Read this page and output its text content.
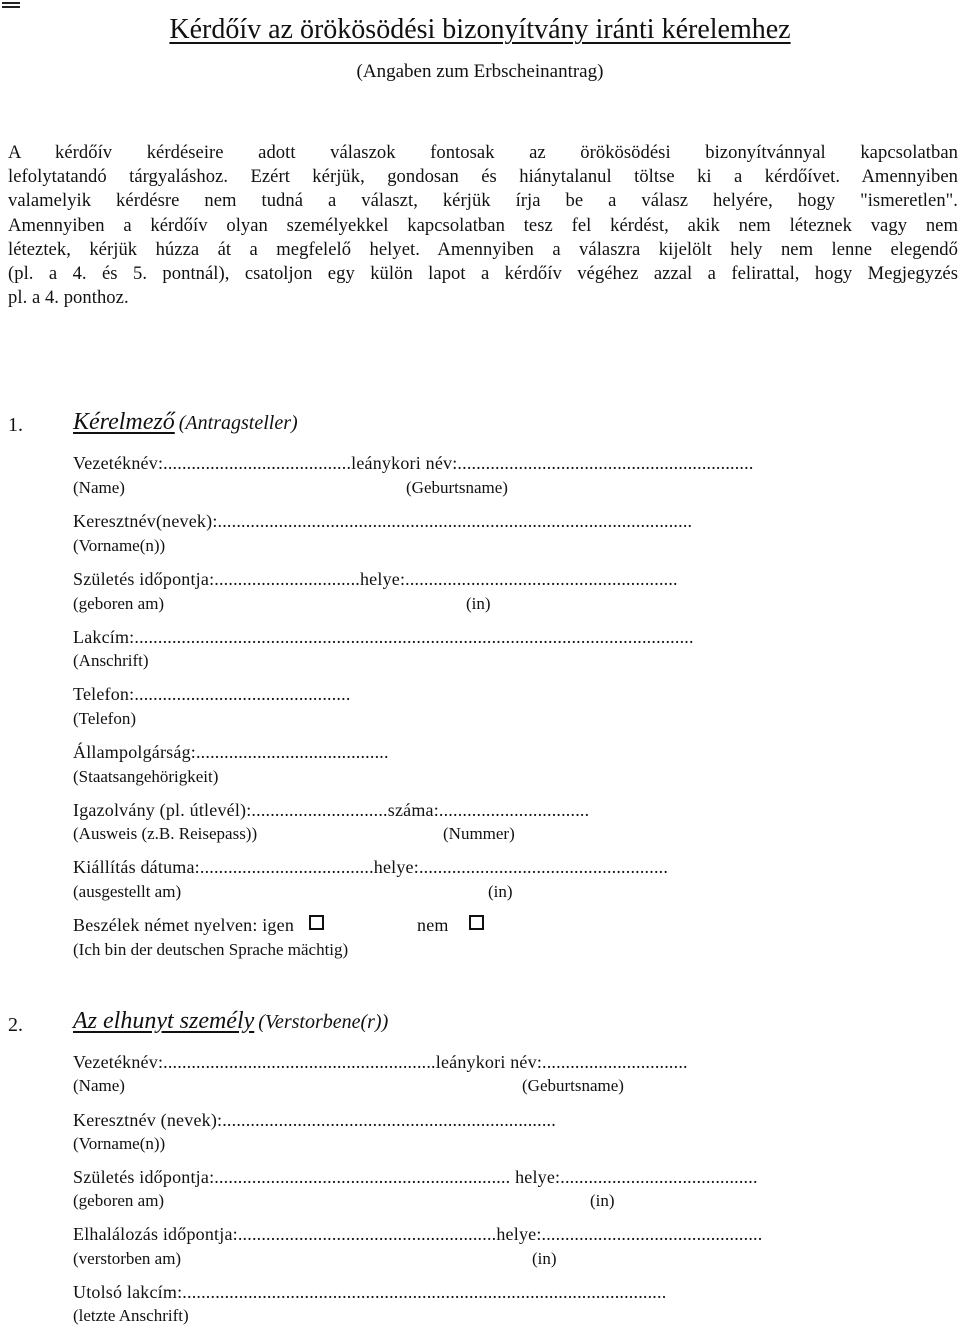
Kérdőív az örökösödési bizonyítvány iránti kérelemhez
(Angaben zum Erbscheinantrag)
A kérdőív kérdéseire adott válaszok fontosak az örökösödési bizonyítvánnyal kapcsolatban
lefolytatandó tárgyaláshoz. Ezért kérjük, gondosan és hiánytalanul töltse ki a kérdőívet. Amennyiben
valamelyik kérdésre nem tudná a választ, kérjük írja be a válasz helyére, hogy "ismeretlen".
Amennyiben a kérdőív olyan személyekkel kapcsolatban tesz fel kérdést, akik nem léteznek vagy nem
léteztek, kérjük húzza át a megfelelő helyet. Amennyiben a válaszra kijelölt hely nem lenne elegendő
(pl. a 4. és 5. pontnál), csatoljon egy külön lapot a kérdőív végéhez azzal a felirattal, hogy Megjegyzés
pl. a 4. ponthoz.
1. Kérelmező (Antragsteller)
Vezetéknév:........................................leánykori név:...............................................................
(Name)	(Geburtsname)
Keresztnév(nevek):.....................................................................................................
(Vorname(n))
Születés időpontja:...............................helye:..........................................................
(geboren am)	(in)
Lakcím:.......................................................................................................................
(Anschrift)
Telefon:..............................................
(Telefon)
Állampolgárság:.........................................
(Staatsangehörigkeit)
Igazolvány (pl. útlevél):.............................száma:................................
(Ausweis (z.B. Reisepass))	(Nummer)
Kiállítás dátuma:.....................................helye:.....................................................
(ausgestellt am)	(in)
Beszélek német nyelven: igen	nem
(Ich bin der deutschen Sprache mächtig)
2. Az elhunyt személy (Verstorbene(r))
Vezetéknév:..........................................................leánykori név:...............................
(Name)	(Geburtsname)
Keresztnév (nevek):.......................................................................
(Vorname(n))
Születés időpontja:............................................................... helye:..........................................
(geboren am)	(in)
Elhalálozás időpontja:.......................................................helye:...............................................
(verstorben am)	(in)
Utolsó lakcím:.......................................................................................................
(letzte Anschrift)
